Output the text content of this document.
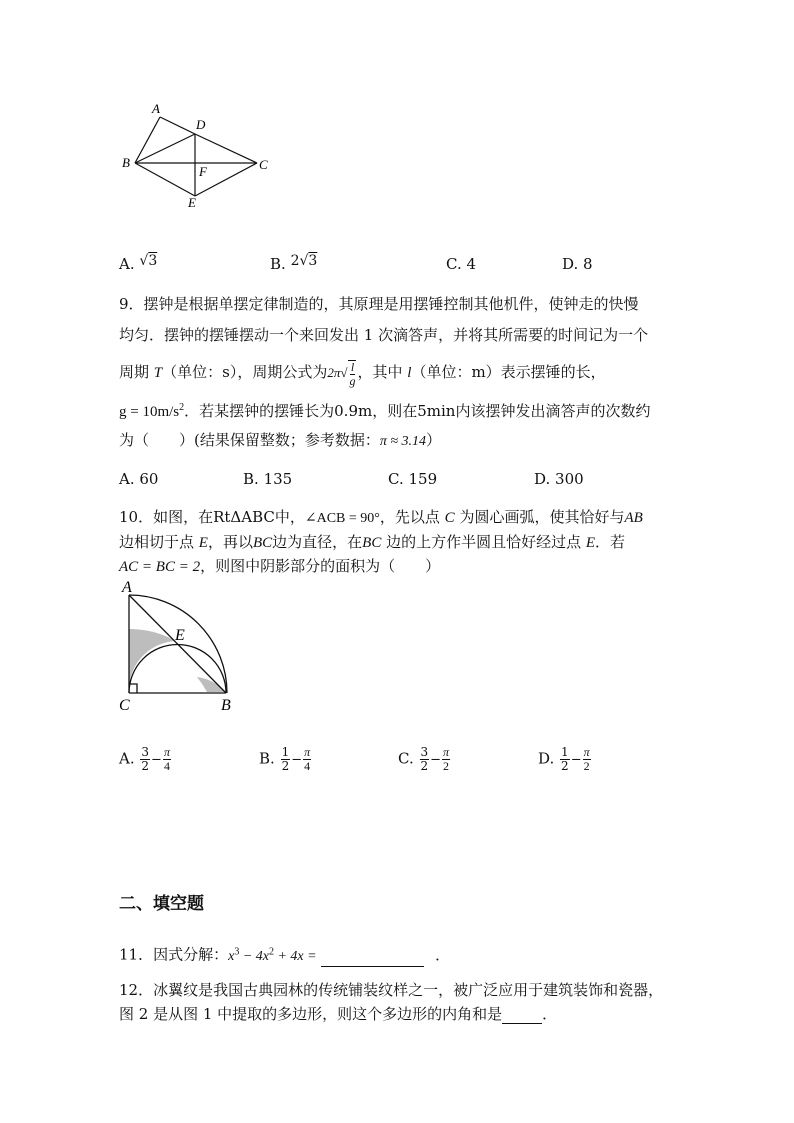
A
D
B	C
F
E
A. √3	B. 2√3	C. 4	D. 8
9．摆钟是根据单摆定律制造的，其原理是用摆锤控制其他机件，使钟走的快慢
均匀．摆钟的摆锤摆动一个来回发出 1 次滴答声，并将其所需要的时间记为一个
周期 T（单位：s），周期公式为$2\pi√ \frac{l}{g}$ ，其中 l（单位：m）表示摆锤的长，
$g = 10m/s^2$．若某摆钟的摆锤长为0.9m，则在5min内该摆钟发出滴答声的次数约
为（　　）(结果保留整数；参考数据：π ≈ 3.14）
A. 60	B. 135	C. 159	D. 300
10．如图，在RtΔABC中，∠ACB = 90°，先以点 C 为圆心画弧，使其恰好与AB
边相切于点 E，再以BC边为直径，在BC 边的上方作半圆且恰好经过点 E．若
AC = BC = 2，则图中阴影部分的面积为（　　）
A
E
C	B
A. $\frac{3}{2} - \frac{\pi}{4}$	B. $\frac{1}{2} - \frac{\pi}{4}$	C. $\frac{3}{2} - \frac{\pi}{2}$	D. $\frac{1}{2} - \frac{\pi}{2}$
二、填空题
11．因式分解：$x^3 - 4x^2 + 4x$ =	．
12．冰翼纹是我国古典园林的传统铺装纹样之一，被广泛应用于建筑装饰和瓷器，
图 2 是从图 1 中提取的多边形，则这个多边形的内角和是	．
